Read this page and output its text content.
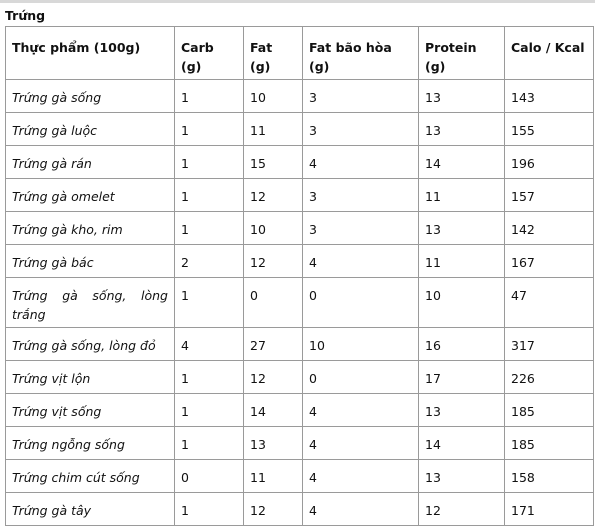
Trứng
Thực phẩm (100g)	Carb (g)	Fat (g)	Fat bão hòa (g)	Protein (g)	Calo / Kcal
Trứng gà sống	1	10	3	13	143
Trứng gà luộc	1	11	3	13	155
Trứng gà rán	1	15	4	14	196
Trứng gà omelet	1	12	3	11	157
Trứng gà kho, rim	1	10	3	13	142
Trứng gà bác	2	12	4	11	167
Trứng gà sống, lòng trắng	1	0	0	10	47
Trứng gà sống, lòng đỏ	4	27	10	16	317
Trứng vịt lộn	1	12	0	17	226
Trứng vịt sống	1	14	4	13	185
Trứng ngỗng sống	1	13	4	14	185
Trứng chim cút sống	0	11	4	13	158
Trứng gà tây	1	12	4	12	171
